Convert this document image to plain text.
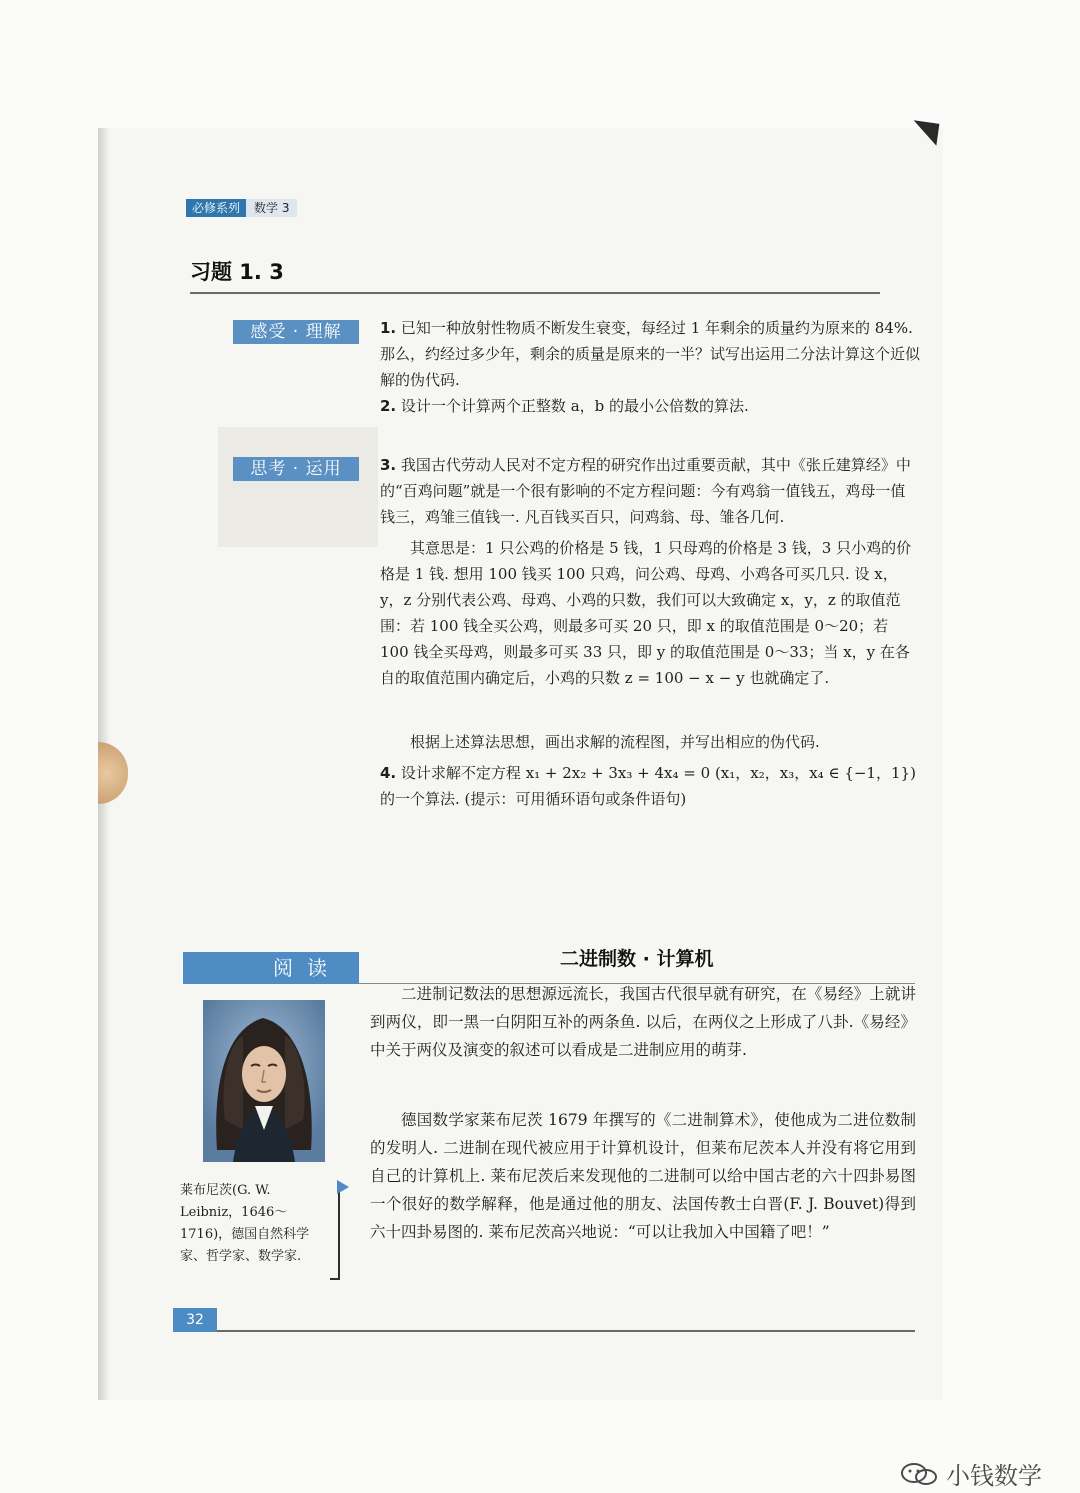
必修系列	数学 3
习题 1. 3
感受 · 理解
思考 · 运用
1. 已知一种放射性物质不断发生衰变，每经过 1 年剩余的质量约为原来的 84%. 那么，约经过多少年，剩余的质量是原来的一半？试写出运用二分法计算这个近似解的伪代码.
2. 设计一个计算两个正整数 a，b 的最小公倍数的算法.
3. 我国古代劳动人民对不定方程的研究作出过重要贡献，其中《张丘建算经》中的“百鸡问题”就是一个很有影响的不定方程问题：今有鸡翁一值钱五，鸡母一值钱三，鸡雏三值钱一. 凡百钱买百只，问鸡翁、母、雏各几何.
其意思是：1 只公鸡的价格是 5 钱，1 只母鸡的价格是 3 钱，3 只小鸡的价格是 1 钱. 想用 100 钱买 100 只鸡，问公鸡、母鸡、小鸡各可买几只. 设 x，y，z 分别代表公鸡、母鸡、小鸡的只数，我们可以大致确定 x，y，z 的取值范围：若 100 钱全买公鸡，则最多可买 20 只，即 x 的取值范围是 0～20；若 100 钱全买母鸡，则最多可买 33 只，即 y 的取值范围是 0～33；当 x，y 在各自的取值范围内确定后，小鸡的只数 z = 100 − x − y 也就确定了.
根据上述算法思想，画出求解的流程图，并写出相应的伪代码.
4. 设计求解不定方程 x₁ + 2x₂ + 3x₃ + 4x₄ = 0 (x₁，x₂，x₃，x₄ ∈ {−1，1}) 的一个算法. (提示：可用循环语句或条件语句)
阅读	二进制数 · 计算机
莱布尼茨(G. W. Leibniz，1646～1716)，德国自然科学家、哲学家、数学家.
二进制记数法的思想源远流长，我国古代很早就有研究，在《易经》上就讲到两仪，即一黑一白阴阳互补的两条鱼. 以后，在两仪之上形成了八卦.《易经》中关于两仪及演变的叙述可以看成是二进制应用的萌芽.
德国数学家莱布尼茨 1679 年撰写的《二进制算术》，使他成为二进位数制的发明人. 二进制在现代被应用于计算机设计，但莱布尼茨本人并没有将它用到自己的计算机上. 莱布尼茨后来发现他的二进制可以给中国古老的六十四卦易图一个很好的数学解释，他是通过他的朋友、法国传教士白晋(F. J. Bouvet)得到六十四卦易图的. 莱布尼茨高兴地说：“可以让我加入中国籍了吧！”
32
小钱数学
